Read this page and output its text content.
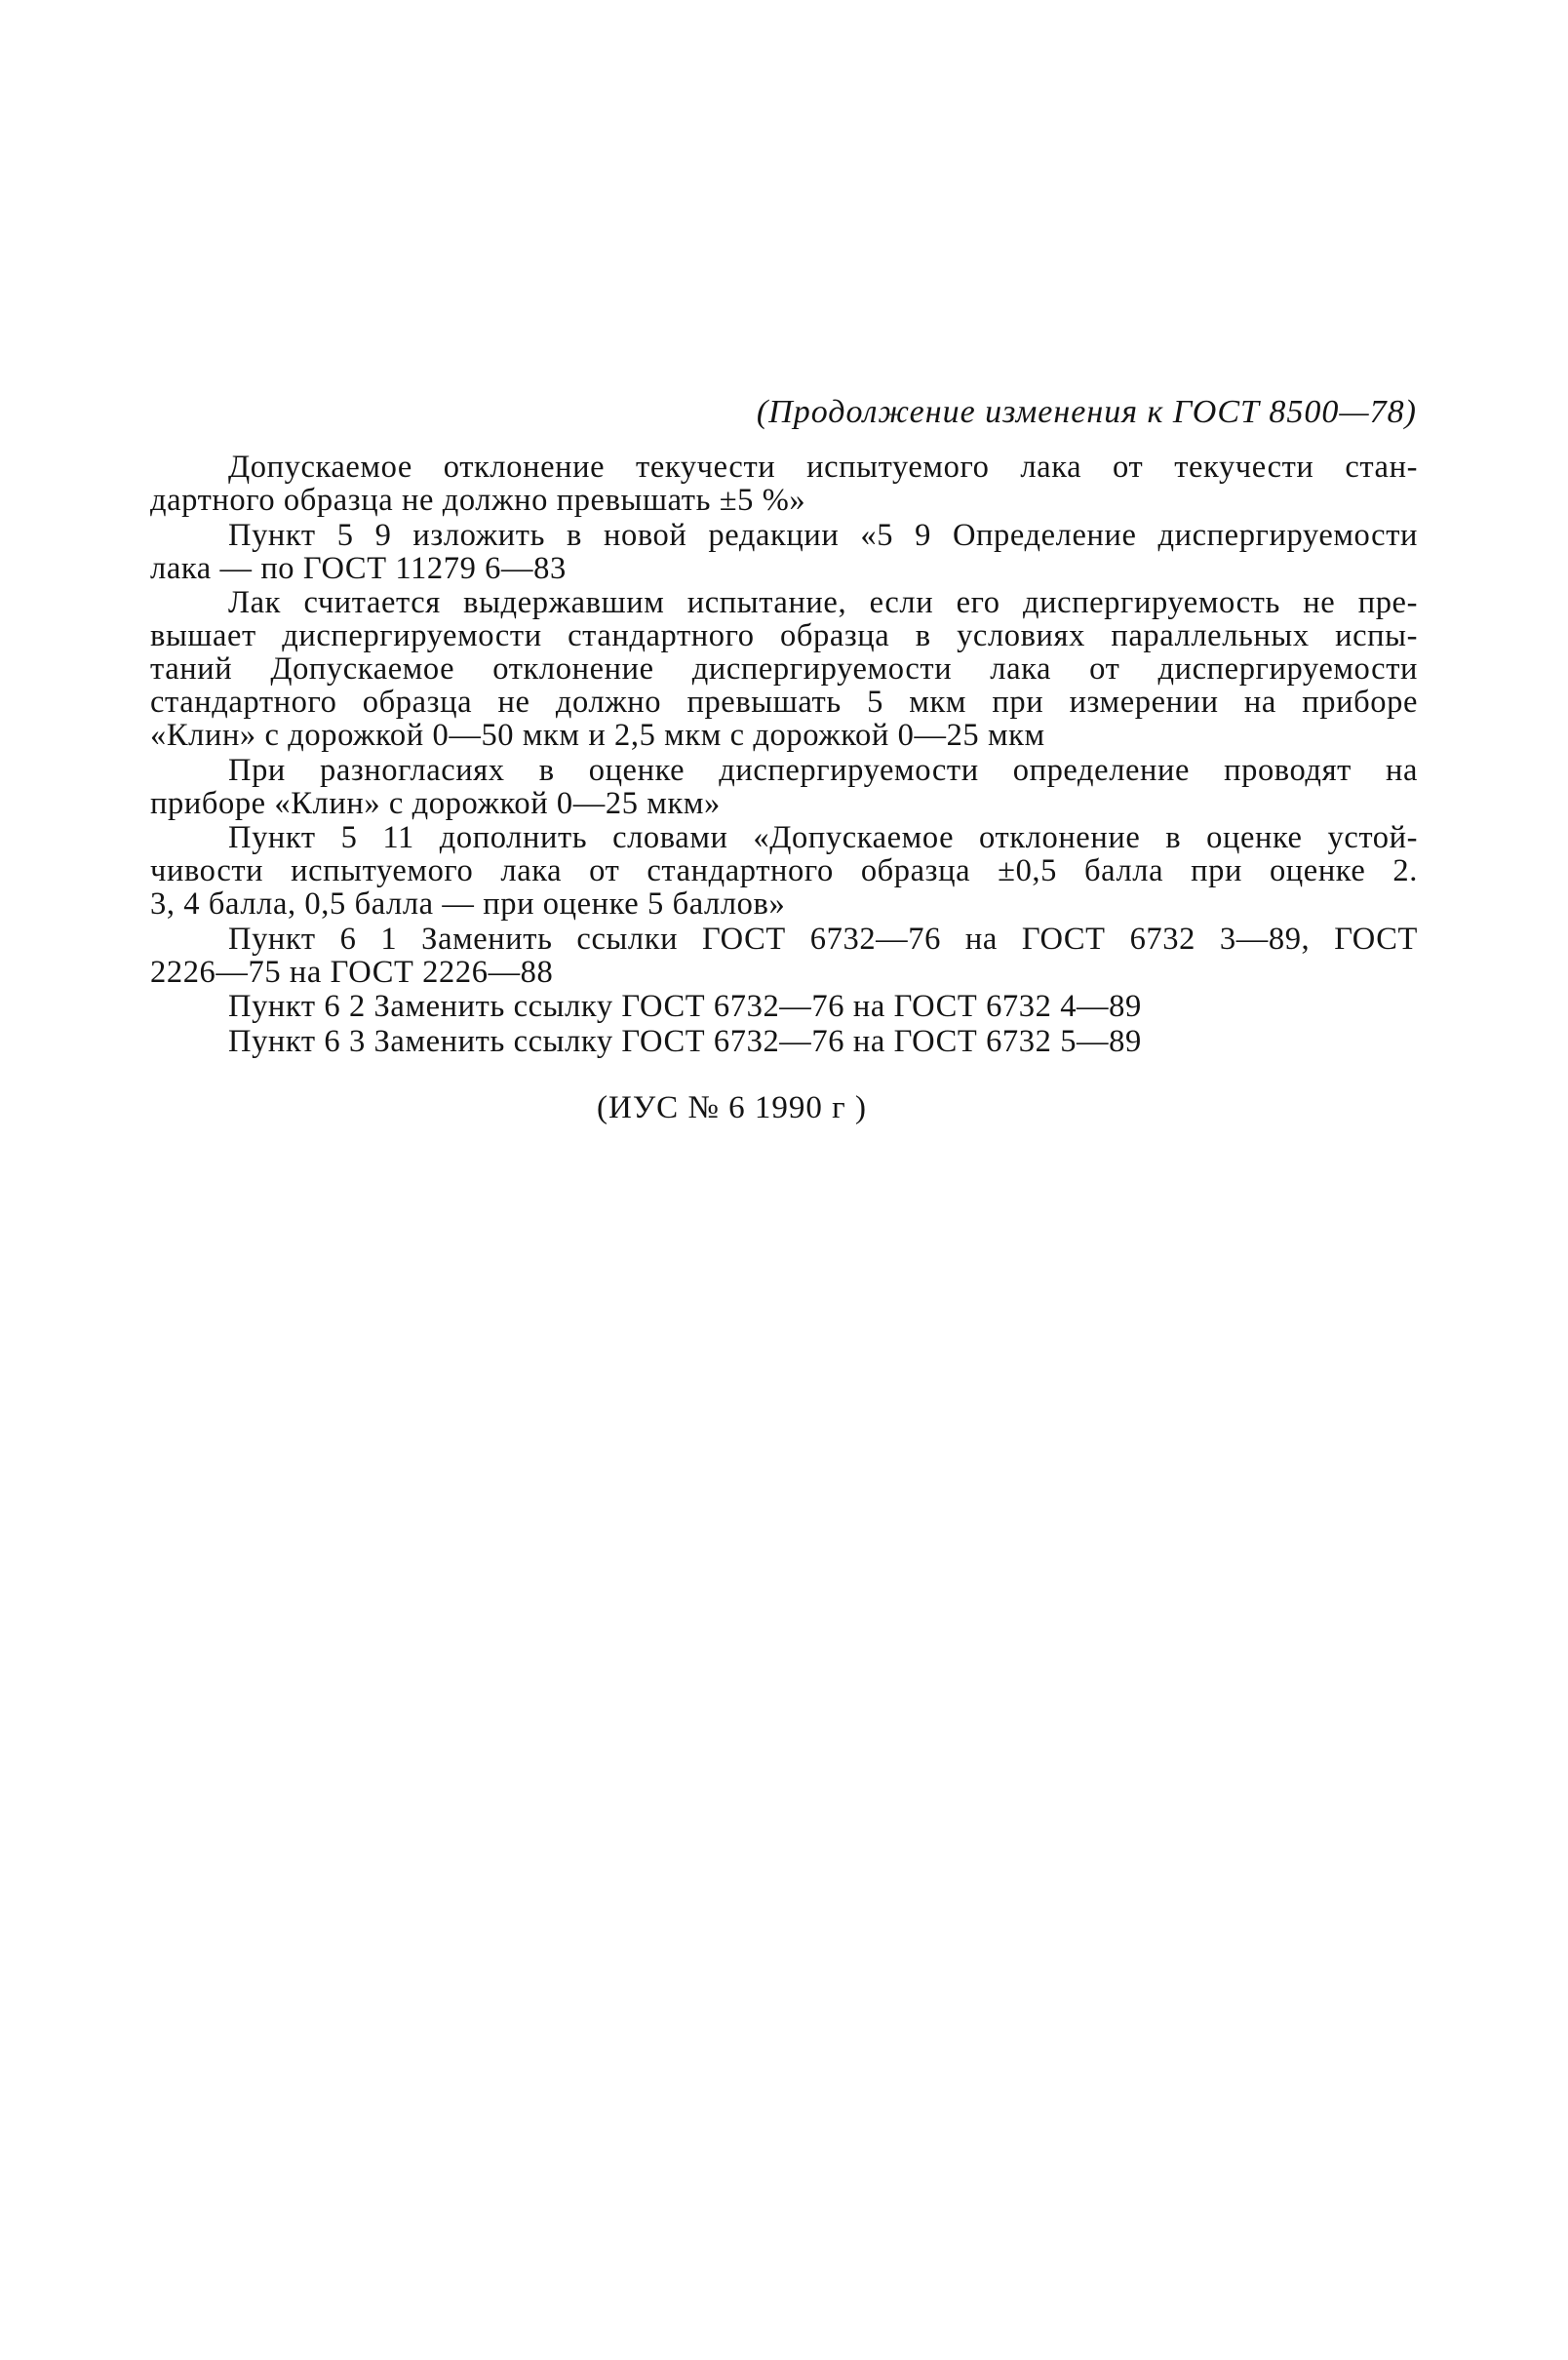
(Продолжение изменения к ГОСТ 8500—78)
Допускаемое отклонение текучести испытуемого лака от текучести стан-
дартного образца не должно превышать ±5 %»
Пункт 5 9 изложить в новой редакции «5 9 Определение диспергируемости
лака — по ГОСТ 11279 6—83
Лак считается выдержавшим испытание, если его диспергируемость не пре-
вышает диспергируемости стандартного образца в условиях параллельных испы-
таний Допускаемое отклонение диспергируемости лака от диспергируемости
стандартного образца не должно превышать 5 мкм при измерении на приборе
«Клин» с дорожкой 0—50 мкм и 2,5 мкм с дорожкой 0—25 мкм
При разногласиях в оценке диспергируемости определение проводят на
приборе «Клин» с дорожкой 0—25 мкм»
Пункт 5 11 дополнить словами «Допускаемое отклонение в оценке устой-
чивости испытуемого лака от стандартного образца ±0,5 балла при оценке 2.
3, 4 балла, 0,5 балла — при оценке 5 баллов»
Пункт 6 1 Заменить ссылки ГОСТ 6732—76 на ГОСТ 6732 3—89, ГОСТ
2226—75 на ГОСТ 2226—88
Пункт 6 2 Заменить ссылку ГОСТ 6732—76 на ГОСТ 6732 4—89
Пункт 6 3 Заменить ссылку ГОСТ 6732—76 на ГОСТ 6732 5—89
(ИУС № 6 1990 г )
